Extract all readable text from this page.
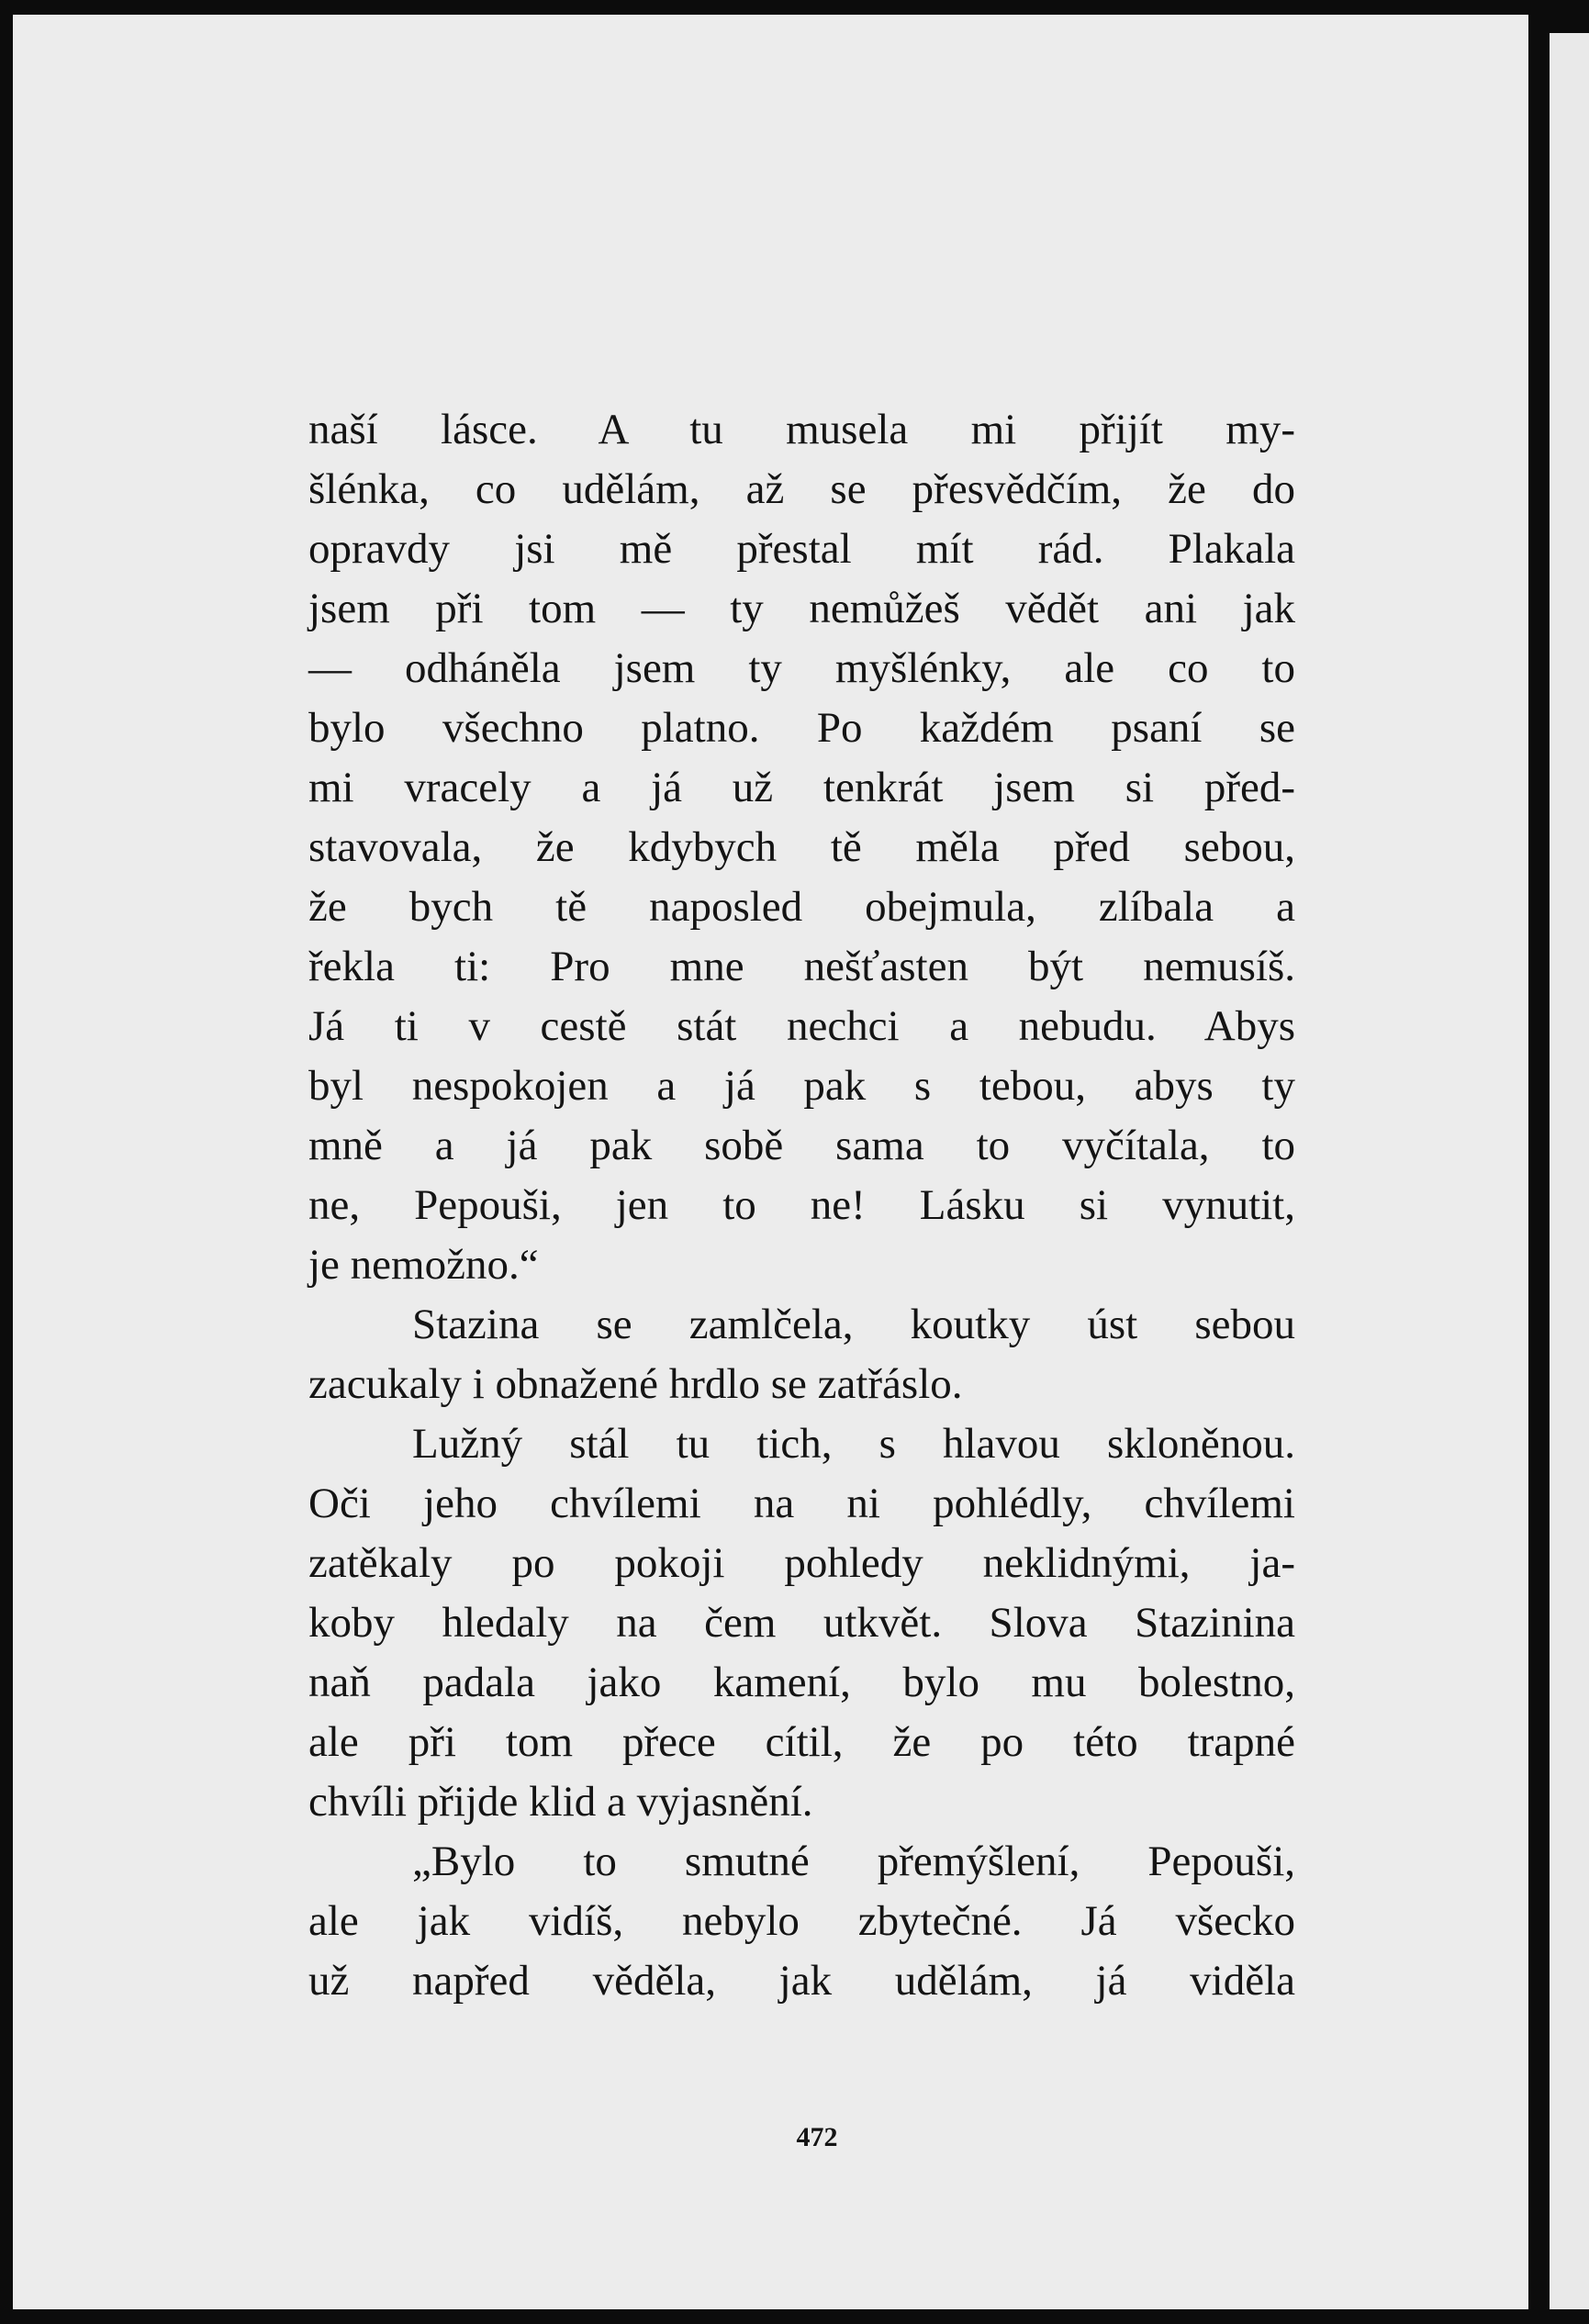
naší lásce. A tu musela mi přijít my-
šlénka, co udělám, až se přesvědčím, že do
opravdy jsi mě přestal mít rád. Plakala
jsem při tom — ty nemůžeš vědět ani jak
— odháněla jsem ty myšlénky, ale co to
bylo všechno platno. Po každém psaní se
mi vracely a já už tenkrát jsem si před-
stavovala, že kdybych tě měla před sebou,
že bych tě naposled obejmula, zlíbala a
řekla ti: Pro mne nešťasten být nemusíš.
Já ti v cestě stát nechci a nebudu. Abys
byl nespokojen a já pak s tebou, abys ty
mně a já pak sobě sama to vyčítala, to
ne, Pepouši, jen to ne! Lásku si vynutit,
je nemožno.“
Stazina se zamlčela, koutky úst sebou
zacukaly i obnažené hrdlo se zatřáslo.
Lužný stál tu tich, s hlavou skloněnou.
Oči jeho chvílemi na ni pohlédly, chvílemi
zatěkaly po pokoji pohledy neklidnými, ja-
koby hledaly na čem utkvět. Slova Stazinina
naň padala jako kamení, bylo mu bolestno,
ale při tom přece cítil, že po této trapné
chvíli přijde klid a vyjasnění.
„Bylo to smutné přemýšlení, Pepouši,
ale jak vidíš, nebylo zbytečné. Já všecko
už napřed věděla, jak udělám, já viděla
472
